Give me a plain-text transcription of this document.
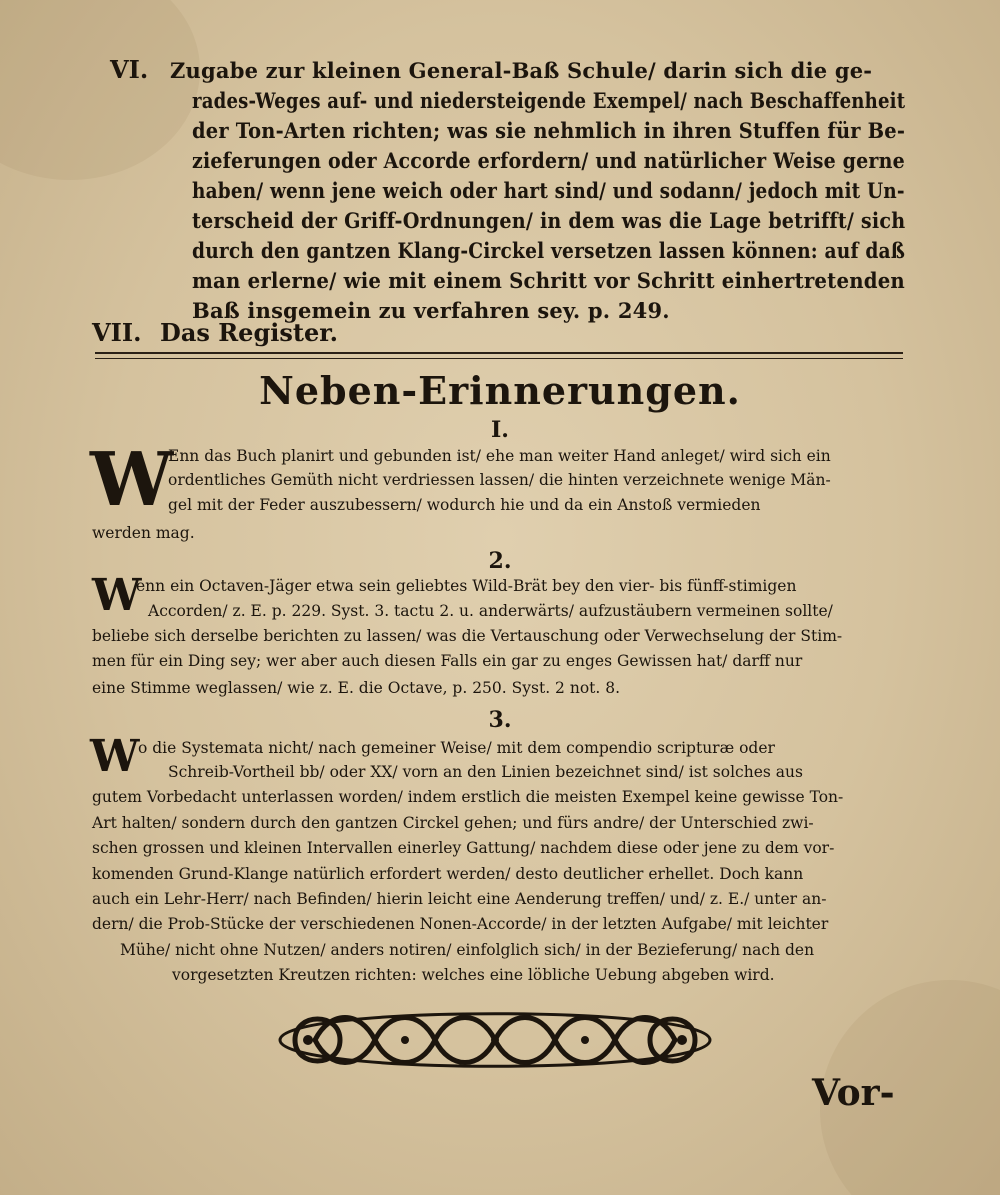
VI. Zugabe zur kleinen General-Baß Schule/ darin sich die ge-
rades-Weges auf- und niedersteigende Exempel/ nach Beschaffenheit
der Ton-Arten richten; was sie nehmlich in ihren Stuffen für Be-
zieferungen oder Accorde erfordern/ und natürlicher Weise gerne
haben/ wenn jene weich oder hart sind/ und sodann/ jedoch mit Un-
terscheid der Griff-Ordnungen/ in dem was die Lage betrifft/ sich
durch den gantzen Klang-Circkel versetzen lassen können: auf daß
man erlerne/ wie mit einem Schritt vor Schritt einhertretenden
Baß insgemein zu verfahren sey. p. 249.
VII. Das Register.
Neben-Erinnerungen.
I.
W
Enn das Buch planirt und gebunden ist/ ehe man weiter Hand anleget/ wird sich ein
ordentliches Gemüth nicht verdriessen lassen/ die hinten verzeichnete wenige Män-
gel mit der Feder auszubessern/ wodurch hie und da ein Anstoß vermieden
werden mag.
2.
W
enn ein Octaven-Jäger etwa sein geliebtes Wild-Brät bey den vier- bis fünff-stimigen
Accorden/ z. E. p. 229. Syst. 3. tactu 2. u. anderwärts/ aufzustäubern vermeinen sollte/
beliebe sich derselbe berichten zu lassen/ was die Vertauschung oder Verwechselung der Stim-
men für ein Ding sey; wer aber auch diesen Falls ein gar zu enges Gewissen hat/ darff nur
eine Stimme weglassen/ wie z. E. die Octave, p. 250. Syst. 2 not. 8.
3.
W
o die Systemata nicht/ nach gemeiner Weise/ mit dem compendio scripturæ oder
Schreib-Vortheil bb/ oder XX/ vorn an den Linien bezeichnet sind/ ist solches aus
gutem Vorbedacht unterlassen worden/ indem erstlich die meisten Exempel keine gewisse Ton-
Art halten/ sondern durch den gantzen Circkel gehen; und fürs andre/ der Unterschied zwi-
schen grossen und kleinen Intervallen einerley Gattung/ nachdem diese oder jene zu dem vor-
komenden Grund-Klange natürlich erfordert werden/ desto deutlicher erhellet. Doch kann
auch ein Lehr-Herr/ nach Befinden/ hierin leicht eine Aenderung treffen/ und/ z. E./ unter an-
dern/ die Prob-Stücke der verschiedenen Nonen-Accorde/ in der letzten Aufgabe/ mit leichter
Mühe/ nicht ohne Nutzen/ anders notiren/ einfolglich sich/ in der Bezieferung/ nach den
vorgesetzten Kreutzen richten: welches eine löbliche Uebung abgeben wird.
Vor-
